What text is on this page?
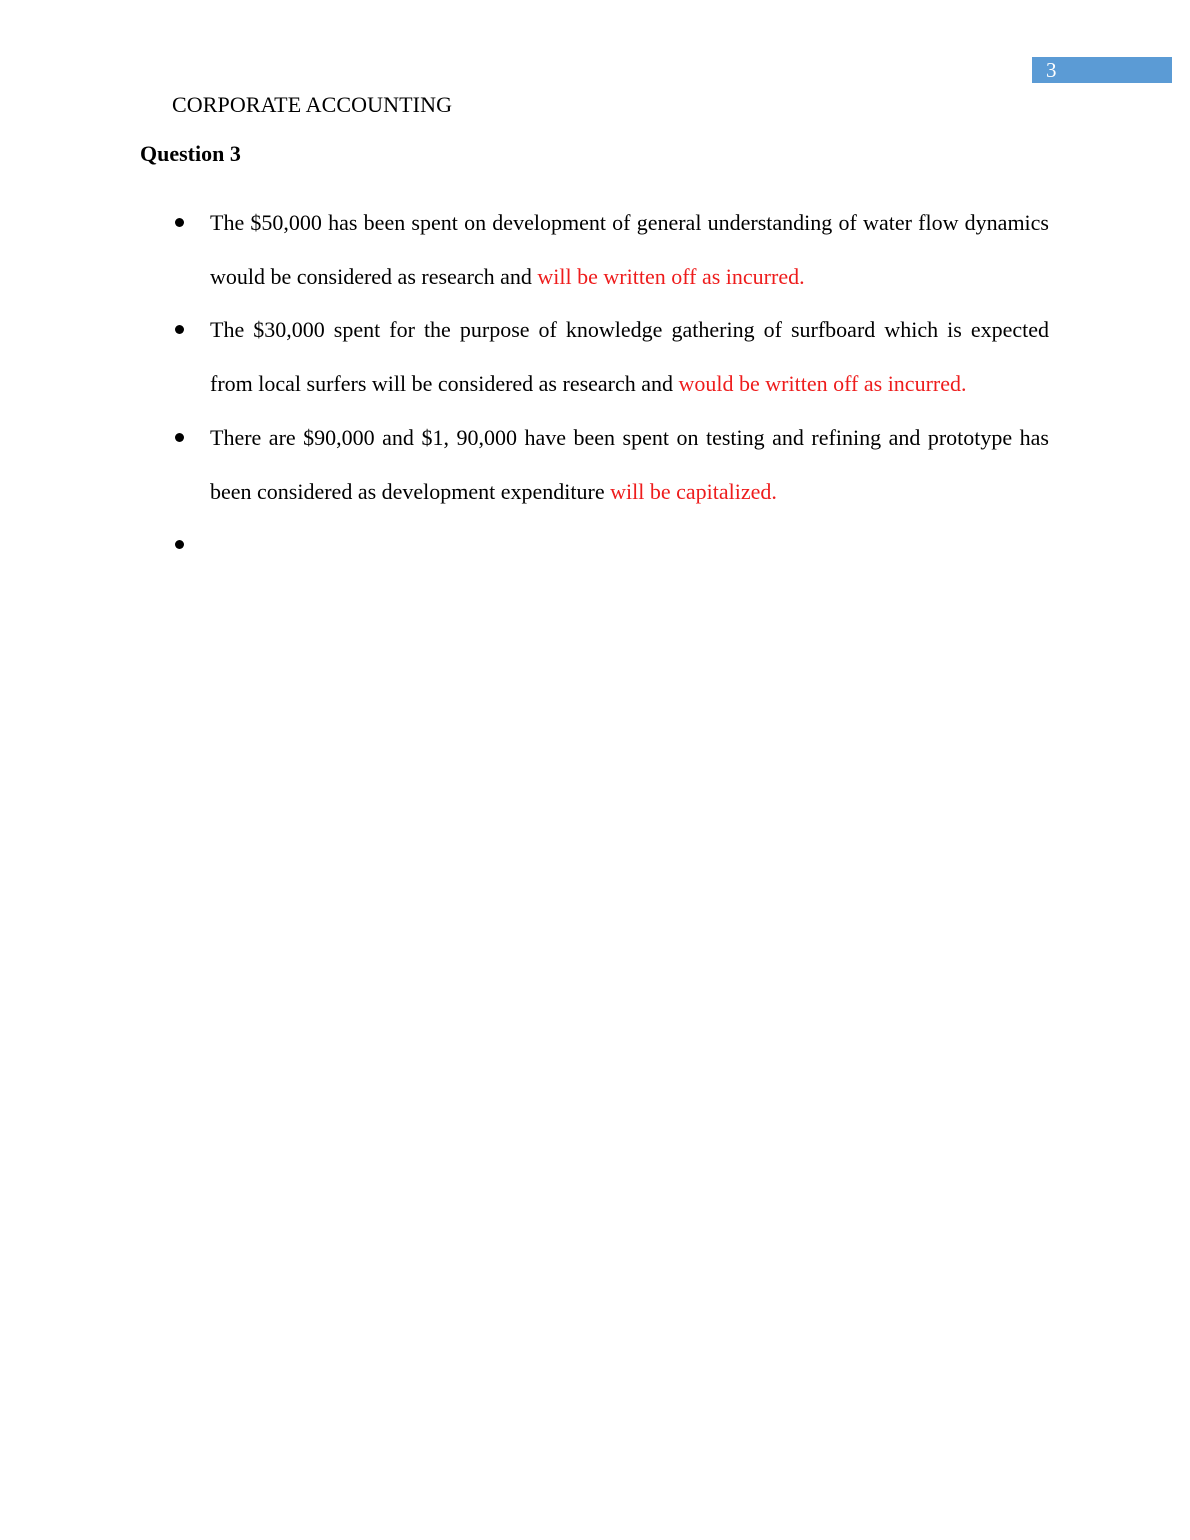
3
CORPORATE ACCOUNTING
Question 3
The $50,000 has been spent on development of general understanding of water flow dynamics would be considered as research and will be written off as incurred.
The $30,000 spent for the purpose of knowledge gathering of surfboard which is expected from local surfers will be considered as research and would be written off as incurred.
There are $90,000 and $1, 90,000 have been spent on testing and refining and prototype has been considered as development expenditure will be capitalized.
